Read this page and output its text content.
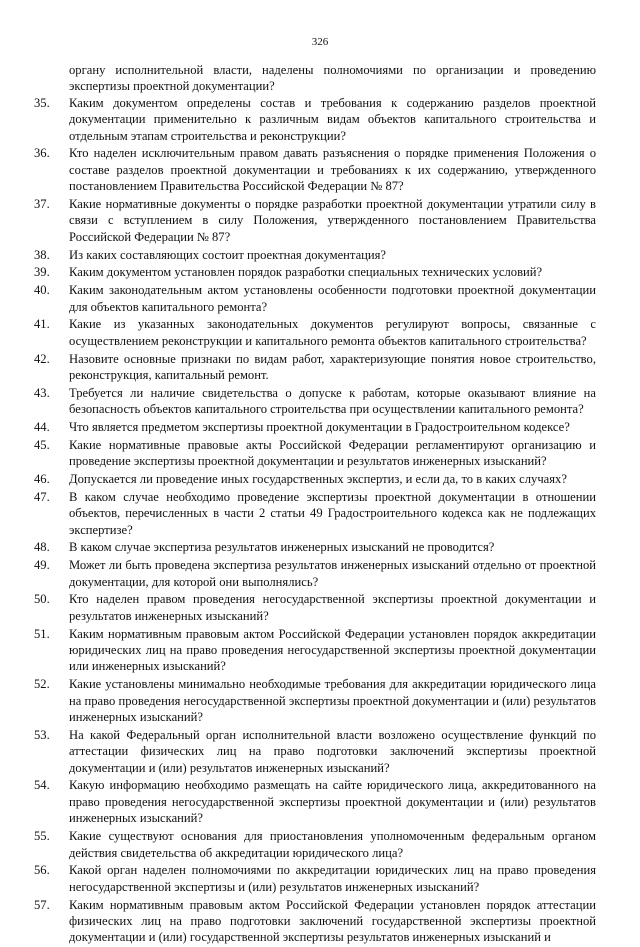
326
органу исполнительной власти, наделены полномочиями по организации и проведению экспертизы проектной документации?
35.	Каким документом определены состав и требования к содержанию разделов проектной документации применительно к различным видам объектов капитального строительства и отдельным этапам строительства и реконструкции?
36.	Кто наделен исключительным правом давать разъяснения о порядке применения Положения о составе разделов проектной документации и требованиях к их содержанию, утвержденного постановлением Правительства Российской Федерации № 87?
37.	Какие нормативные документы о порядке разработки проектной документации утратили силу в связи с вступлением в силу Положения, утвержденного постановлением Правительства Российской Федерации № 87?
38.	Из каких составляющих состоит проектная документация?
39.	Каким документом установлен порядок разработки специальных технических условий?
40.	Каким законодательным актом установлены особенности подготовки проектной документации для объектов капитального ремонта?
41.	Какие из указанных законодательных документов регулируют вопросы, связанные с осуществлением реконструкции и капитального ремонта объектов капитального строительства?
42.	Назовите основные признаки по видам работ, характеризующие понятия новое строительство, реконструкция, капитальный ремонт.
43.	Требуется ли наличие свидетельства о допуске к работам, которые оказывают влияние на безопасность объектов капитального строительства при осуществлении капитального ремонта?
44.	Что является предметом экспертизы проектной документации в Градостроительном кодексе?
45.	Какие нормативные правовые акты Российской Федерации регламентируют организацию и проведение экспертизы проектной документации и результатов инженерных изысканий?
46.	Допускается ли проведение иных государственных экспертиз, и если да, то в каких случаях?
47.	В каком случае необходимо проведение экспертизы проектной документации в отношении объектов, перечисленных в части 2 статьи 49 Градостроительного кодекса как не подлежащих экспертизе?
48.	В каком случае экспертиза результатов инженерных изысканий не проводится?
49.	Может ли быть проведена экспертиза результатов инженерных изысканий отдельно от проектной документации, для которой они выполнялись?
50.	Кто наделен правом проведения негосударственной экспертизы проектной документации и результатов инженерных изысканий?
51.	Каким нормативным правовым актом Российской Федерации установлен порядок аккредитации юридических лиц на право проведения негосударственной экспертизы проектной документации или инженерных изысканий?
52.	Какие установлены минимально необходимые требования для аккредитации юридического лица на право проведения негосударственной экспертизы проектной документации и (или) результатов инженерных изысканий?
53.	На какой Федеральный орган исполнительной власти возложено осуществление функций по аттестации физических лиц на право подготовки заключений экспертизы проектной документации и (или) результатов инженерных изысканий?
54.	Какую информацию необходимо размещать на сайте юридического лица, аккредитованного на право проведения негосударственной экспертизы проектной документации и (или) результатов инженерных изысканий?
55.	Какие существуют основания для приостановления уполномоченным федеральным органом действия свидетельства об аккредитации юридического лица?
56.	Какой орган наделен полномочиями по аккредитации юридических лиц на право проведения негосударственной экспертизы и (или) результатов инженерных изысканий?
57.	Каким нормативным правовым актом Российской Федерации установлен порядок аттестации физических лиц на право подготовки заключений государственной экспертизы проектной документации и (или) государственной экспертизы результатов инженерных изысканий и
